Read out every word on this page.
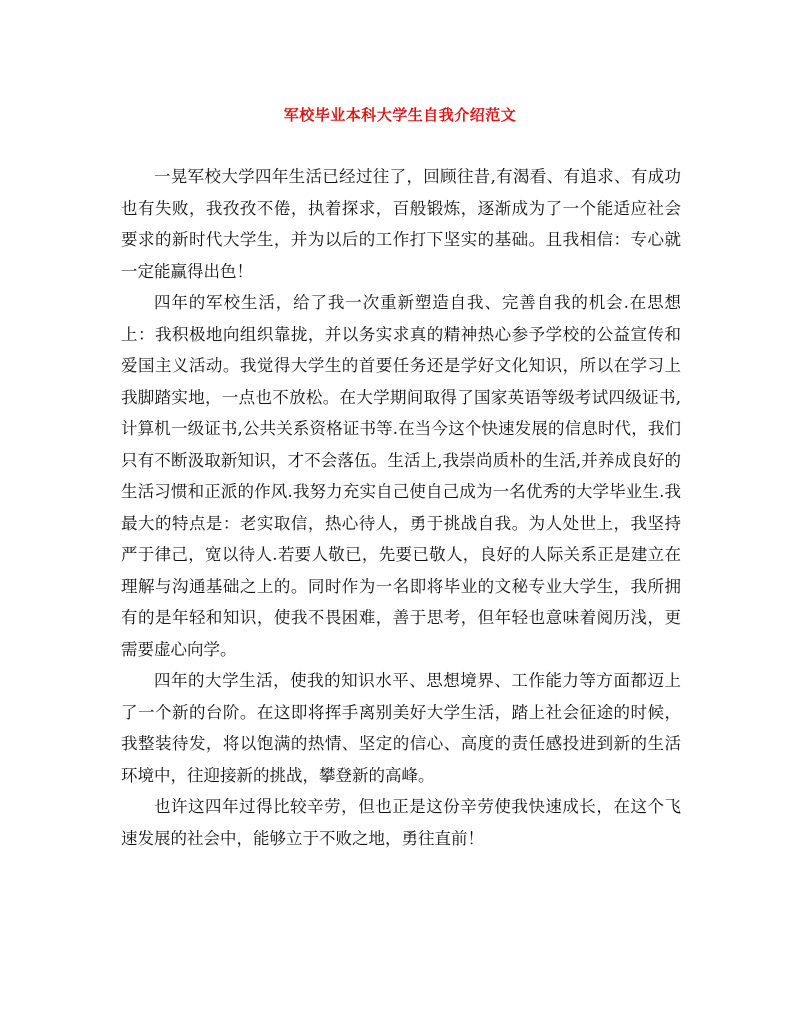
军校毕业本科大学生自我介绍范文

一晃军校大学四年生活已经过往了，回顾往昔,有渴看、有追求、有成功也有失败，我孜孜不倦，执着探求，百般锻炼，逐渐成为了一个能适应社会要求的新时代大学生，并为以后的工作打下坚实的基础。且我相信：专心就一定能赢得出色！

四年的军校生活，给了我一次重新塑造自我、完善自我的机会.在思想上：我积极地向组织靠拢，并以务实求真的精神热心参予学校的公益宣传和爱国主义活动。我觉得大学生的首要任务还是学好文化知识，所以在学习上我脚踏实地，一点也不放松。在大学期间取得了国家英语等级考试四级证书,计算机一级证书,公共关系资格证书等.在当今这个快速发展的信息时代，我们只有不断汲取新知识，才不会落伍。生活上,我崇尚质朴的生活,并养成良好的生活习惯和正派的作风.我努力充实自己使自己成为一名优秀的大学毕业生.我最大的特点是：老实取信，热心待人，勇于挑战自我。为人处世上，我坚持严于律己，宽以待人.若要人敬已，先要已敬人，良好的人际关系正是建立在理解与沟通基础之上的。同时作为一名即将毕业的文秘专业大学生，我所拥有的是年轻和知识，使我不畏困难，善于思考，但年轻也意味着阅历浅，更需要虚心向学。

四年的大学生活，使我的知识水平、思想境界、工作能力等方面都迈上了一个新的台阶。在这即将挥手离别美好大学生活，踏上社会征途的时候，我整装待发，将以饱满的热情、坚定的信心、高度的责任感投进到新的生活环境中，往迎接新的挑战，攀登新的高峰。

也许这四年过得比较辛劳，但也正是这份辛劳使我快速成长，在这个飞速发展的社会中，能够立于不败之地，勇往直前！
